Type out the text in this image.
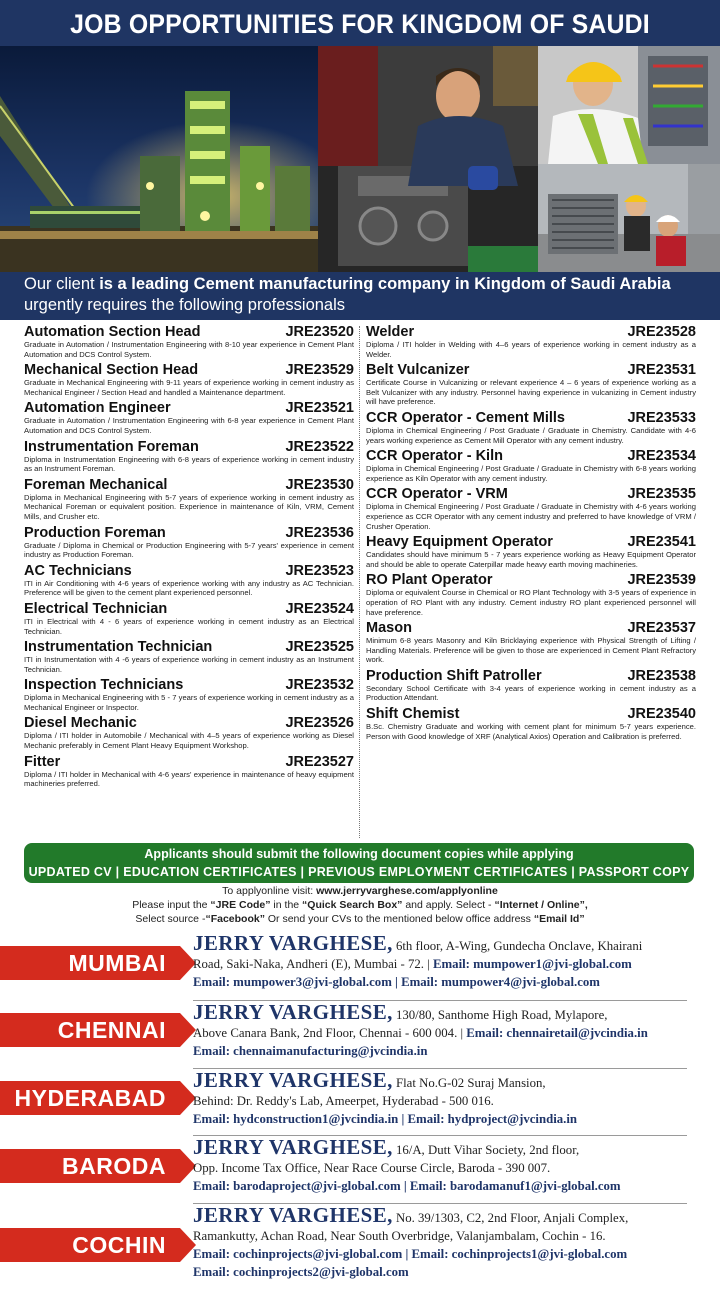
JOB OPPORTUNITIES FOR KINGDOM OF SAUDI
Our client is a leading Cement manufacturing company in Kingdom of Saudi Arabia
urgently requires the following professionals
Automation Section Head	JRE23520
Graduate in Automation / Instrumentation Engineering with 8-10 year experience in Cement Plant Automation and DCS Control System.
Mechanical Section Head	JRE23529
Graduate in Mechanical Engineering with 9-11 years of experience working in cement industry as Mechanical Engineer / Section Head and handled a Maintenance department.
Automation Engineer	JRE23521
Graduate in Automation / Instrumentation Engineering with 6-8 year experience in Cement Plant Automation and DCS Control System.
Instrumentation Foreman	JRE23522
Diploma in Instrumentation Engineering with 6-8 years of experience working in cement industry as an Instrument Foreman.
Foreman Mechanical	JRE23530
Diploma in Mechanical Engineering with 5-7 years of experience working in cement industry as Mechanical Foreman or equivalent position. Experience in maintenance of Kiln, VRM, Cement Mills, and Crusher etc.
Production Foreman	JRE23536
Graduate / Diploma in Chemical or Production Engineering with 5-7 years' experience in cement industry as Production Foreman.
AC Technicians	JRE23523
ITI in Air Conditioning with 4-6 years of experience working with any industry as AC Technician. Preference will be given to the cement plant experienced personnel.
Electrical Technician	JRE23524
ITI in Electrical with 4 - 6 years of experience working in cement industry as an Electrical Technician.
Instrumentation Technician	JRE23525
ITI in Instrumentation with 4 -6 years of experience working in cement industry as an Instrument Technician.
Inspection Technicians	JRE23532
Diploma in Mechanical Engineering with 5 - 7 years of experience working in cement industry as a Mechanical Engineer or Inspector.
Diesel Mechanic	JRE23526
Diploma / ITI holder in Automobile / Mechanical with 4–5 years of experience working as Diesel Mechanic preferably in Cement Plant Heavy Equipment Workshop.
Fitter	JRE23527
Diploma / ITI holder in Mechanical with 4-6 years' experience in maintenance of heavy equipment machineries preferred.
Welder	JRE23528
Diploma / ITI holder in Welding with 4–6 years of experience working in cement industry as a Welder.
Belt Vulcanizer	JRE23531
Certificate Course in Vulcanizing or relevant experience 4 – 6 years of experience working as a Belt Vulcanizer with any industry. Personnel having experience in vulcanizing in Cement industry will have preference.
CCR Operator - Cement Mills	JRE23533
Diploma in Chemical Engineering / Post Graduate / Graduate in Chemistry. Candidate with 4-6 years working experience as Cement Mill Operator with any cement industry.
CCR Operator - Kiln	JRE23534
Diploma in Chemical Engineering / Post Graduate / Graduate in Chemistry with 6-8 years working experience as Kiln Operator with any cement industry.
CCR Operator - VRM	JRE23535
Diploma in Chemical Engineering / Post Graduate / Graduate in Chemistry with 4-6 years working experience as CCR Operator with any cement industry and preferred to have knowledge of VRM / Crusher Operation.
Heavy Equipment Operator	JRE23541
Candidates should have minimum 5 - 7 years experience working as Heavy Equipment Operator and should be able to operate Caterpillar made heavy earth moving machineries.
RO Plant Operator	JRE23539
Diploma or equivalent Course in Chemical or RO Plant Technology with 3-5 years of experience in operation of RO Plant with any industry. Cement industry RO plant experienced personnel will have preference.
Mason	JRE23537
Minimum 6-8 years Masonry and Kiln Bricklaying experience with Physical Strength of Lifting / Handling Materials. Preference will be given to those are experienced in Cement Plant Refractory work.
Production Shift Patroller	JRE23538
Secondary School Certificate with 3-4 years of experience working in cement industry as a Production Attendant.
Shift Chemist	JRE23540
B.Sc. Chemistry Graduate and working with cement plant for minimum 5-7 years experience. Person with Good knowledge of XRF (Analytical Axios) Operation and Calibration is preferred.
Applicants should submit the following document copies while applying
UPDATED CV | EDUCATION CERTIFICATES | PREVIOUS EMPLOYMENT CERTIFICATES | PASSPORT COPY
To applyonline visit: www.jerryvarghese.com/applyonline
Please input the “JRE Code” in the “Quick Search Box” and apply. Select - “Internet / Online”,
Select source -“Facebook” Or send your CVs to the mentioned below office address “Email Id”
MUMBAI
JERRY VARGHESE, 6th floor, A-Wing, Gundecha Onclave, Khairani
Road, Saki-Naka, Andheri (E), Mumbai - 72. | Email: mumpower1@jvi-global.com
Email: mumpower3@jvi-global.com | Email: mumpower4@jvi-global.com
CHENNAI
JERRY VARGHESE, 130/80, Santhome High Road, Mylapore,
Above Canara Bank, 2nd Floor, Chennai - 600 004. | Email: chennairetail@jvcindia.in
Email: chennaimanufacturing@jvcindia.in
HYDERABAD
JERRY VARGHESE, Flat No.G-02 Suraj Mansion,
Behind: Dr. Reddy's Lab, Ameerpet, Hyderabad - 500 016.
Email: hydconstruction1@jvcindia.in | Email: hydproject@jvcindia.in
BARODA
JERRY VARGHESE, 16/A, Dutt Vihar Society, 2nd floor,
Opp. Income Tax Office, Near Race Course Circle, Baroda - 390 007.
Email: barodaproject@jvi-global.com | Email: barodamanuf1@jvi-global.com
COCHIN
JERRY VARGHESE, No. 39/1303, C2, 2nd Floor, Anjali Complex,
Ramankutty, Achan Road, Near South Overbridge, Valanjambalam, Cochin - 16.
Email: cochinprojects@jvi-global.com | Email: cochinprojects1@jvi-global.com
Email: cochinprojects2@jvi-global.com
